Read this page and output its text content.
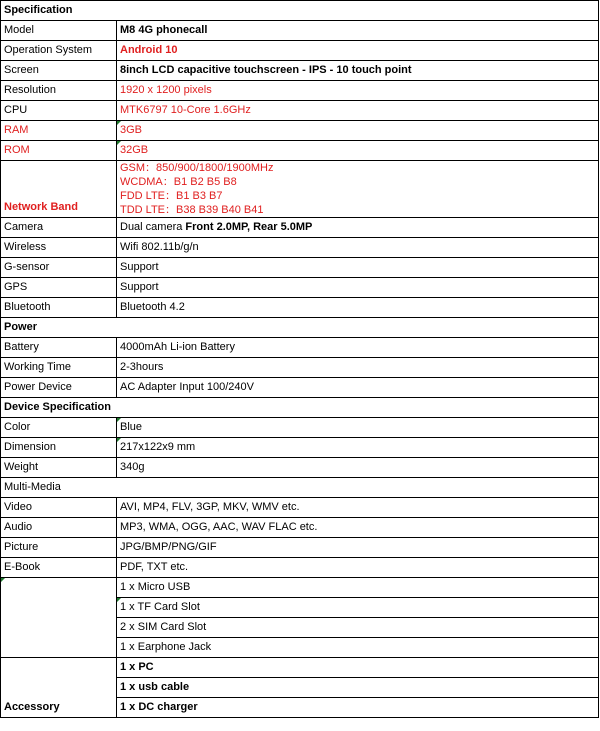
Specification	
Model	M8 4G phonecall
Operation System	Android 10
Screen	8inch LCD capacitive touchscreen - IPS - 10 touch point
Resolution	1920 x 1200 pixels
CPU	MTK6797 10-Core 1.6GHz
RAM	3GB
ROM	32GB
Network Band	GSM：850/900/1800/1900MHz
WCDMA：B1 B2 B5 B8
FDD LTE：B1 B3 B7
TDD LTE：B38 B39 B40 B41

Camera	Dual camera Front 2.0MP, Rear 5.0MP
Wireless	Wifi 802.11b/g/n
G-sensor	Support
GPS	Support
Bluetooth	Bluetooth 4.2
Power	
Battery	4000mAh Li-ion Battery
Working Time	2-3hours
Power Device	AC Adapter Input 100/240V
Device Specification	
Color	Blue
Dimension	217x122x9 mm
Weight	340g
Multi-Media	
Video	AVI, MP4, FLV, 3GP, MKV, WMV etc.
Audio	MP3, WMA, OGG, AAC, WAV FLAC etc.
Picture	JPG/BMP/PNG/GIF
E-Book	PDF, TXT etc.
	1 x Micro USB
	1 x TF Card Slot
	2 x SIM Card Slot
	1 x Earphone Jack
Accessory	1 x PC
	1 x usb cable
	1 x DC charger
